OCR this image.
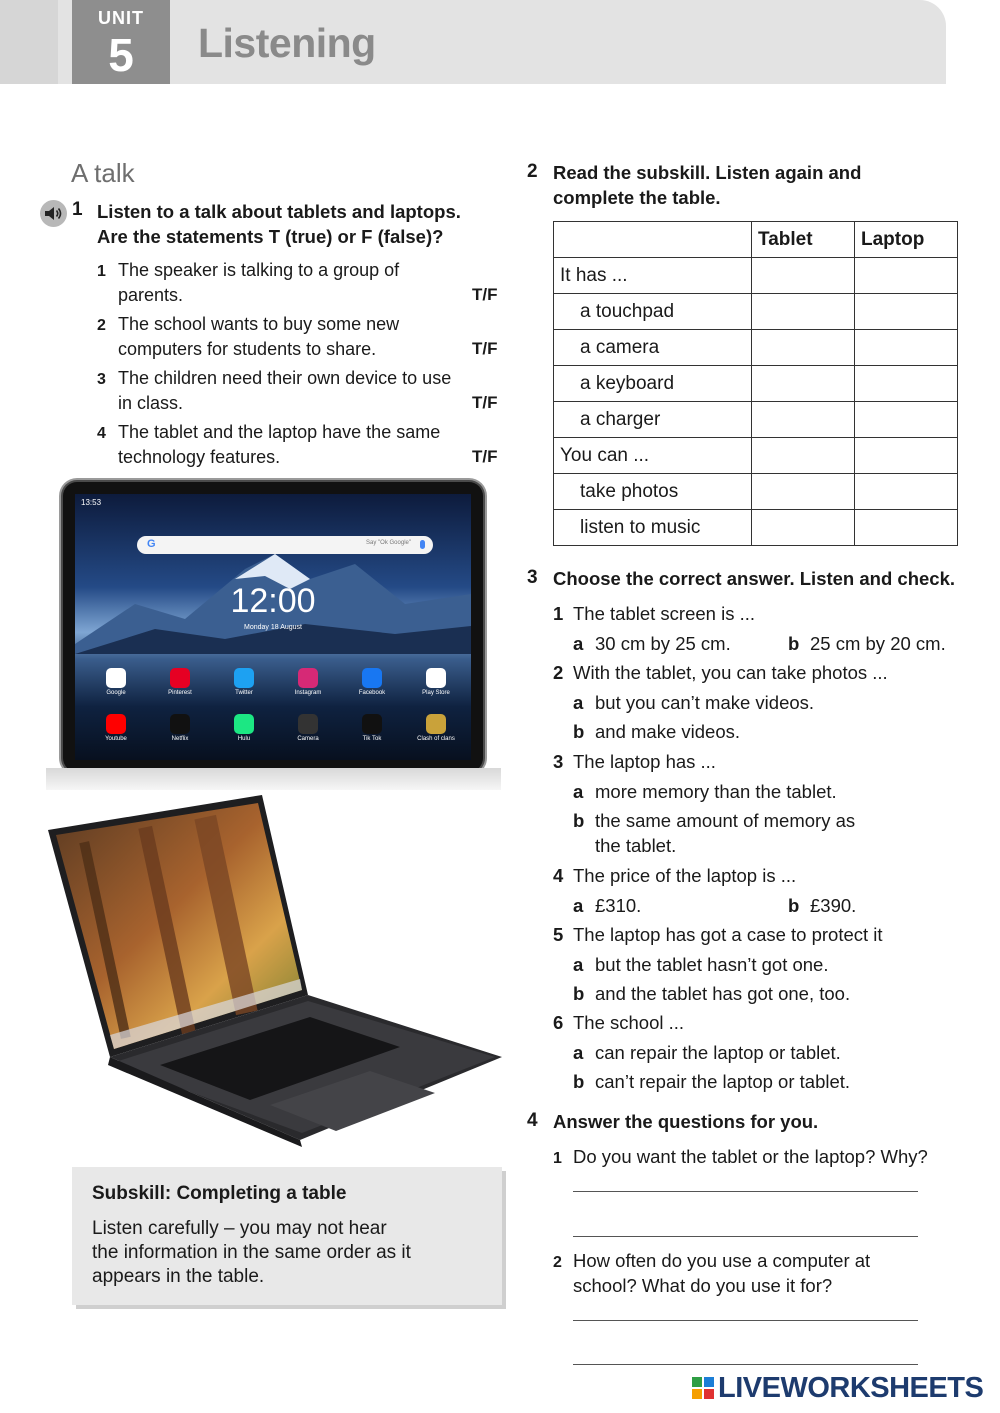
UNIT
5	Listening
A talk
1 Listen to a talk about tablets and laptops.
Are the statements T (true) or F (false)?
1 The speaker is talking to a group of
parents.	T/F
2 The school wants to buy some new
computers for students to share.	T/F
3 The children need their own device to use
in class.	T/F
4 The tablet and the laptop have the same
technology features.	T/F
13:53
G	Say "Ok Google"
12:00
Monday 18 August
Google	Pinterest	Twitter	Instagram	Facebook	Play Store
Youtube	Netflix	Hulu	Camera	Tik Tok	Clash of clans
Subskill: Completing a table
Listen carefully – you may not hear
the information in the same order as it
appears in the table.
2 Read the subskill. Listen again and
complete the table.
	Tablet	Laptop
It has ...		
a touchpad		
a camera		
a keyboard		
a charger		
You can ...		
take photos		
listen to music		
3 Choose the correct answer. Listen and check.
1 The tablet screen is ...
a 30 cm by 25 cm.	b 25 cm by 20 cm.
2 With the tablet, you can take photos ...
a but you can’t make videos.
b and make videos.
3 The laptop has ...
a more memory than the tablet.
b the same amount of memory as
the tablet.
4 The price of the laptop is ...
a £310.	b £390.
5 The laptop has got a case to protect it
a but the tablet hasn’t got one.
b and the tablet has got one, too.
6 The school ...
a can repair the laptop or tablet.
b can’t repair the laptop or tablet.
4 Answer the questions for you.
1 Do you want the tablet or the laptop? Why?
2 How often do you use a computer at
school? What do you use it for?
LIVEWORKSHEETS
